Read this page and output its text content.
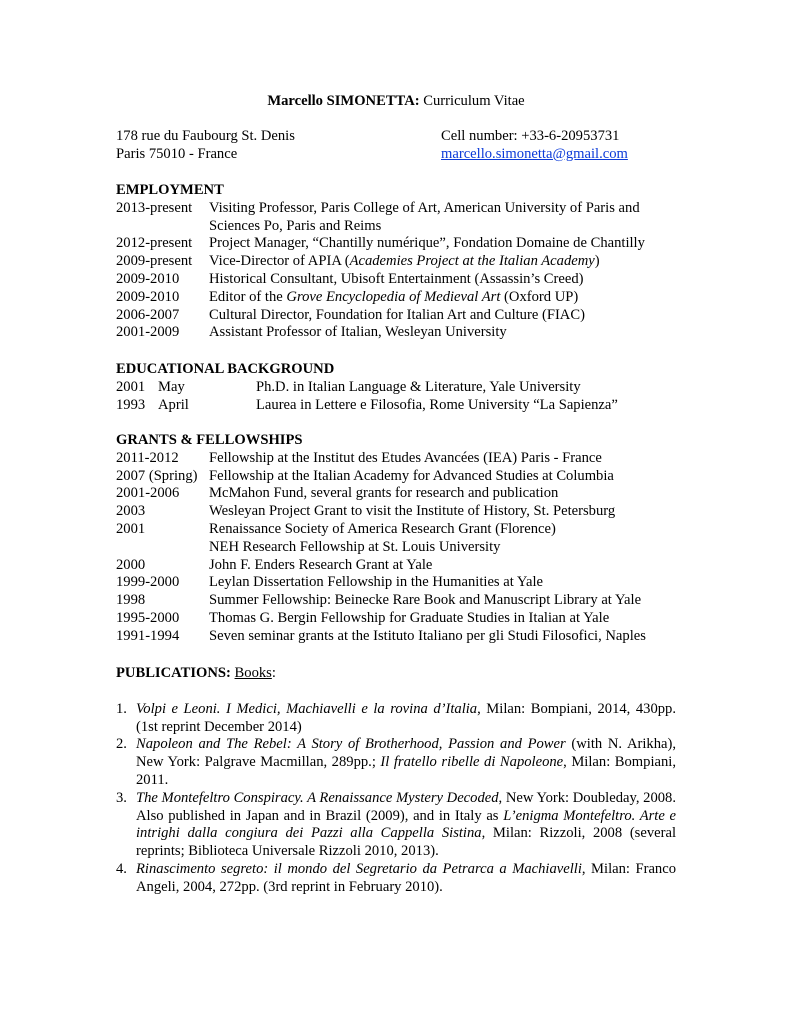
Marcello SIMONETTA: Curriculum Vitae
178 rue du Faubourg St. Denis	Cell number: +33-6-20953731
Paris 75010 - France	marcello.simonetta@gmail.com
EMPLOYMENT
2013-present	Visiting Professor, Paris College of Art, American University of Paris and
Sciences Po, Paris and Reims
2012-present	Project Manager, “Chantilly numérique”, Fondation Domaine de Chantilly
2009-present	Vice-Director of APIA (Academies Project at the Italian Academy)
2009-2010	Historical Consultant, Ubisoft Entertainment (Assassin’s Creed)
2009-2010	Editor of the Grove Encyclopedia of Medieval Art (Oxford UP)
2006-2007	Cultural Director, Foundation for Italian Art and Culture (FIAC)
2001-2009	Assistant Professor of Italian, Wesleyan University
EDUCATIONAL BACKGROUND
2001 May	Ph.D. in Italian Language & Literature, Yale University
1993 April	Laurea in Lettere e Filosofia, Rome University “La Sapienza”
GRANTS & FELLOWSHIPS
2011-2012	Fellowship at the Institut des Etudes Avancées (IEA) Paris - France
2007 (Spring) Fellowship at the Italian Academy for Advanced Studies at Columbia
2001-2006	McMahon Fund, several grants for research and publication
2003	Wesleyan Project Grant to visit the Institute of History, St. Petersburg
2001	Renaissance Society of America Research Grant (Florence)
NEH Research Fellowship at St. Louis University
2000	John F. Enders Research Grant at Yale
1999-2000	Leylan Dissertation Fellowship in the Humanities at Yale
1998	Summer Fellowship: Beinecke Rare Book and Manuscript Library at Yale
1995-2000	Thomas G. Bergin Fellowship for Graduate Studies in Italian at Yale
1991-1994	Seven seminar grants at the Istituto Italiano per gli Studi Filosofici, Naples
PUBLICATIONS: Books:
1. Volpi e Leoni. I Medici, Machiavelli e la rovina d’Italia, Milan: Bompiani, 2014, 430pp. (1st reprint December 2014)
2. Napoleon and The Rebel: A Story of Brotherhood, Passion and Power (with N. Arikha), New York: Palgrave Macmillan, 289pp.; Il fratello ribelle di Napoleone, Milan: Bompiani, 2011.
3. The Montefeltro Conspiracy. A Renaissance Mystery Decoded, New York: Doubleday, 2008. Also published in Japan and in Brazil (2009), and in Italy as L’enigma Montefeltro. Arte e intrighi dalla congiura dei Pazzi alla Cappella Sistina, Milan: Rizzoli, 2008 (several reprints; Biblioteca Universale Rizzoli 2010, 2013).
4. Rinascimento segreto: il mondo del Segretario da Petrarca a Machiavelli, Milan: Franco Angeli, 2004, 272pp. (3rd reprint in February 2010).
